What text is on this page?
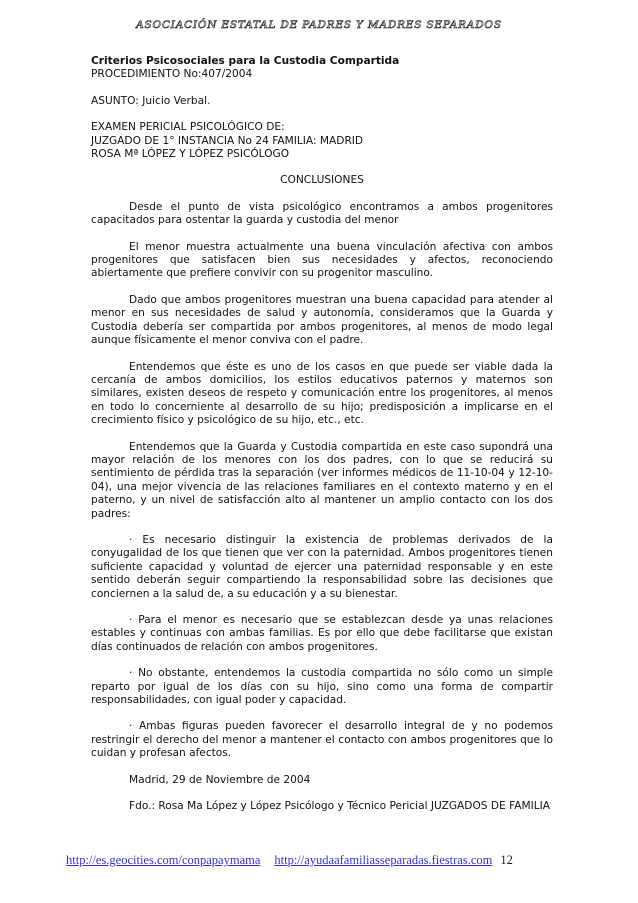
ASOCIACIÓN ESTATAL DE PADRES Y MADRES SEPARADOS

Criterios Psicosociales para la Custodia Compartida

PROCEDIMIENTO No:407/2004

ASUNTO: Juicio Verbal.

EXAMEN PERICIAL PSICOLÓGICO DE:

JUZGADO DE 1° INSTANCIA No 24 FAMILIA: MADRID

ROSA Mª LÓPEZ Y LÓPEZ PSICÓLOGO

CONCLUSIONES

Desde el punto de vista psicológico encontramos a ambos progenitores capacitados para ostentar la guarda y custodia del menor

El menor muestra actualmente una buena vinculación afectiva con ambos progenitores que satisfacen bien sus necesidades y afectos, reconociendo abiertamente que prefiere convivir con su progenitor masculino.

Dado que ambos progenitores muestran una buena capacidad para atender al menor en sus necesidades de salud y autonomía, consideramos que la Guarda y Custodia debería ser compartida por ambos progenitores, al menos de modo legal aunque físicamente el menor conviva con el padre.

Entendemos que éste es uno de los casos en que puede ser viable dada la cercanía de ambos domicilios, los estilos educativos paternos y maternos son similares, existen deseos de respeto y comunicación entre los progenitores, al menos en todo lo concerniente al desarrollo de su hijo; predisposición a implicarse en el crecimiento físico y psicológico de su hijo, etc., etc.

Entendemos que la Guarda y Custodia compartida en este caso supondrá una mayor relación de los menores con los dos padres, con lo que se reducirá su sentimiento de pérdida tras la separación (ver informes médicos de 11-10-04 y 12-10-04), una mejor vivencia de las relaciones familiares en el contexto materno y en el paterno, y un nivel de satisfacción alto al mantener un amplio contacto con los dos padres:

· Es necesario distinguir la existencia de problemas derivados de la conyugalidad de los que tienen que ver con la paternidad. Ambos progenitores tienen suficiente capacidad y voluntad de ejercer una paternidad responsable y en este sentido deberán seguir compartiendo la responsabilidad sobre las decisiones que conciernen a la salud de, a su educación y a su bienestar.

· Para el menor es necesario que se establezcan desde ya unas relaciones estables y continuas con ambas familias. Es por ello que debe facilitarse que existan días continuados de relación con ambos progenitores.

· No obstante, entendemos la custodia compartida no sólo como un simple reparto por igual de los días con su hijo, sino como una forma de compartir responsabilidades, con igual poder y capacidad.

· Ambas figuras pueden favorecer el desarrollo integral de y no podemos restringir el derecho del menor a mantener el contacto con ambos progenitores que lo cuidan y profesan afectos.

Madrid, 29 de Noviembre de 2004

Fdo.: Rosa Ma López y López Psicólogo y Técnico Pericial JUZGADOS DE FAMILIA

http://es.geocities.com/conpapaymama http://ayudaafamiliasseparadas.fiestras.com 12
